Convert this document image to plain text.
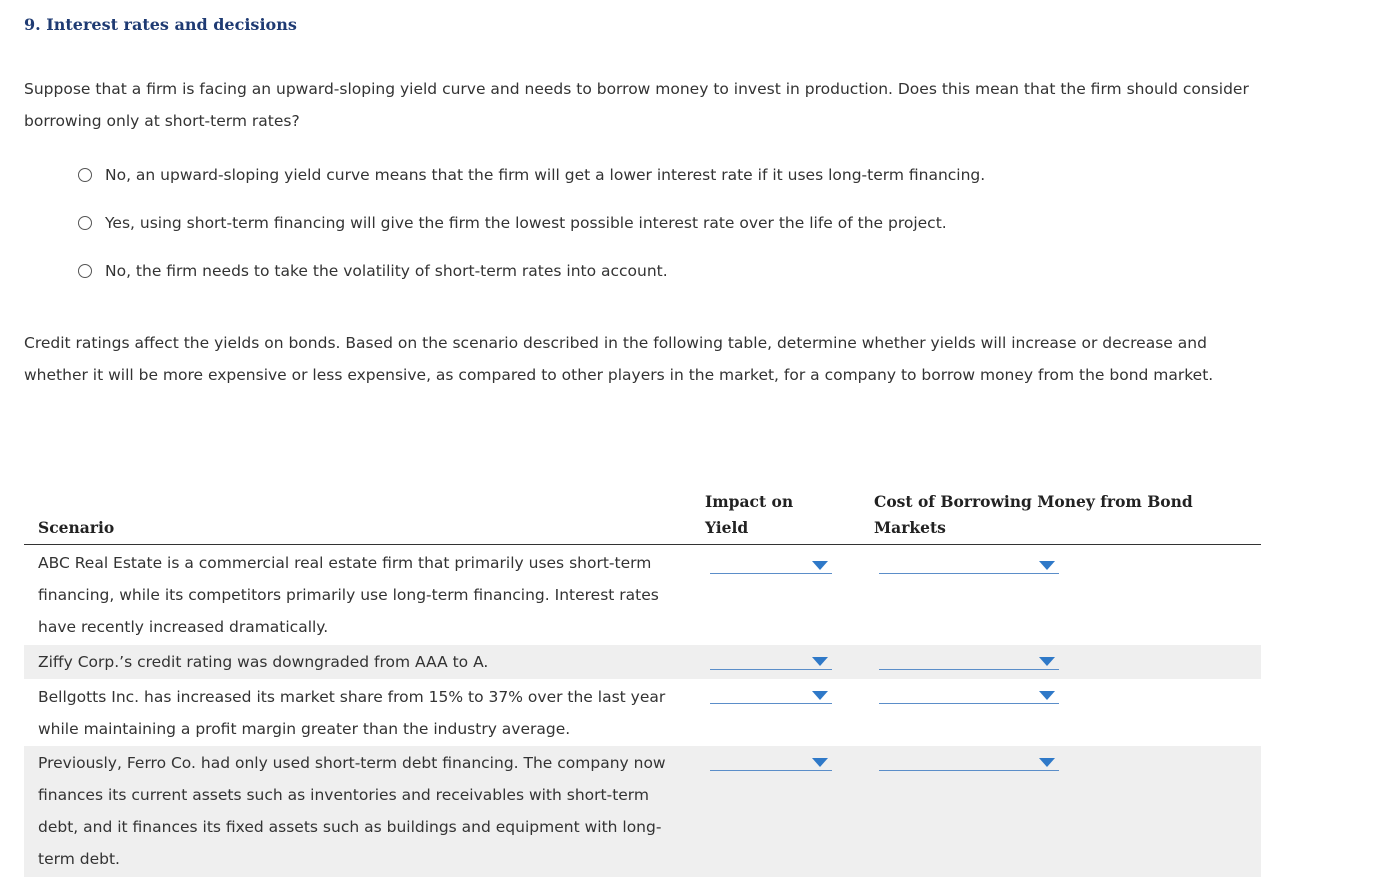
9. Interest rates and decisions

Suppose that a firm is facing an upward-sloping yield curve and needs to borrow money to invest in production. Does this mean that the firm should consider borrowing only at short-term rates?

No, an upward-sloping yield curve means that the firm will get a lower interest rate if it uses long-term financing.
Yes, using short-term financing will give the firm the lowest possible interest rate over the life of the project.
No, the firm needs to take the volatility of short-term rates into account.

Credit ratings affect the yields on bonds. Based on the scenario described in the following table, determine whether yields will increase or decrease and whether it will be more expensive or less expensive, as compared to other players in the market, for a company to borrow money from the bond market.

Scenario
Impact on Yield
Cost of Borrowing Money from Bond Markets
ABC Real Estate is a commercial real estate firm that primarily uses short-term financing, while its competitors primarily use long-term financing. Interest rates have recently increased dramatically.
Ziffy Corp.’s credit rating was downgraded from AAA to A.
Bellgotts Inc. has increased its market share from 15% to 37% over the last year while maintaining a profit margin greater than the industry average.
Previously, Ferro Co. had only used short-term debt financing. The company now finances its current assets such as inventories and receivables with short-term debt, and it finances its fixed assets such as buildings and equipment with long-term debt.
